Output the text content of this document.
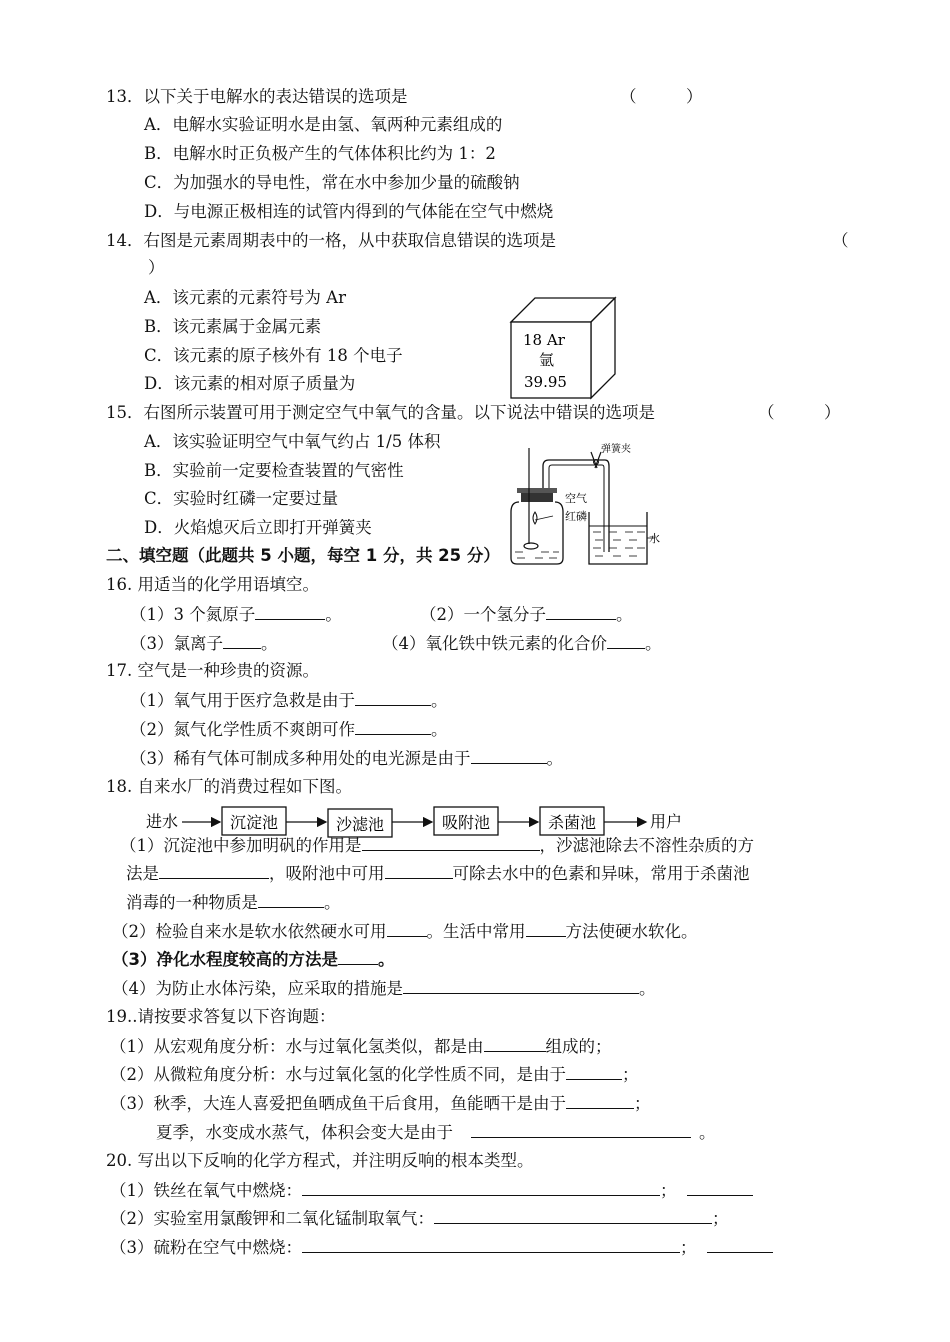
13．以下关于电解水的表达错误的选项是	（　　　）
A．电解水实验证明水是由氢、氧两种元素组成的
B．电解水时正负极产生的气体体积比约为 1：2
C．为加强水的导电性，常在水中参加少量的硫酸钠
D．与电源正极相连的试管内得到的气体能在空气中燃烧
14．右图是元素周期表中的一格，从中获取信息错误的选项是	（
）
A．该元素的元素符号为 Ar
B．该元素属于金属元素
C．该元素的原子核外有 18 个电子
D．该元素的相对原子质量为
18 Ar
氩
39.95
15．右图所示装置可用于测定空气中氧气的含量。以下说法中错误的选项是	（　　　）
A．该实验证明空气中氧气约占 1/5 体积
B．实验前一定要检查装置的气密性
C．实验时红磷一定要过量
D．火焰熄灭后立即打开弹簧夹
弹簧夹
空气
红磷
水
二、填空题（此题共 5 小题，每空 1 分，共 25 分）
16. 用适当的化学用语填空。
（1）3 个氮原子	。	（2）一个氢分子	。
（3）氯离子 。	（4）氧化铁中铁元素的化合价 。
17. 空气是一种珍贵的资源。
（1）氧气用于医疗急救是由于	。
（2）氮气化学性质不爽朗可作	。
（3）稀有气体可制成多种用处的电光源是由于	。
18. 自来水厂的消费过程如下图。
进水	沉淀池	沙滤池	吸附池	杀菌池	用户
（1）沉淀池中参加明矾的作用是	，沙滤池除去不溶性杂质的方
法是	，吸附池中可用	可除去水中的色素和异味，常用于杀菌池
消毒的一种物质是	。
（2）检验自来水是软水依然硬水可用 。生活中常用 方法使硬水软化。
（3）净化水程度较高的方法是 。
（4）为防止水体污染，应采取的措施是	。
19..请按要求答复以下咨询题：
（1）从宏观角度分析：水与过氧化氢类似，都是由	组成的；
（2）从微粒角度分析：水与过氧化氢的化学性质不同，是由于	；
（3）秋季，大连人喜爱把鱼晒成鱼干后食用，鱼能晒干是由于	；
夏季，水变成水蒸气，体积会变大是由于	。
20. 写出以下反响的化学方程式，并注明反响的根本类型。
（1）铁丝在氧气中燃烧：	；
（2）实验室用氯酸钾和二氧化锰制取氧气：	；
（3）硫粉在空气中燃烧：	；
